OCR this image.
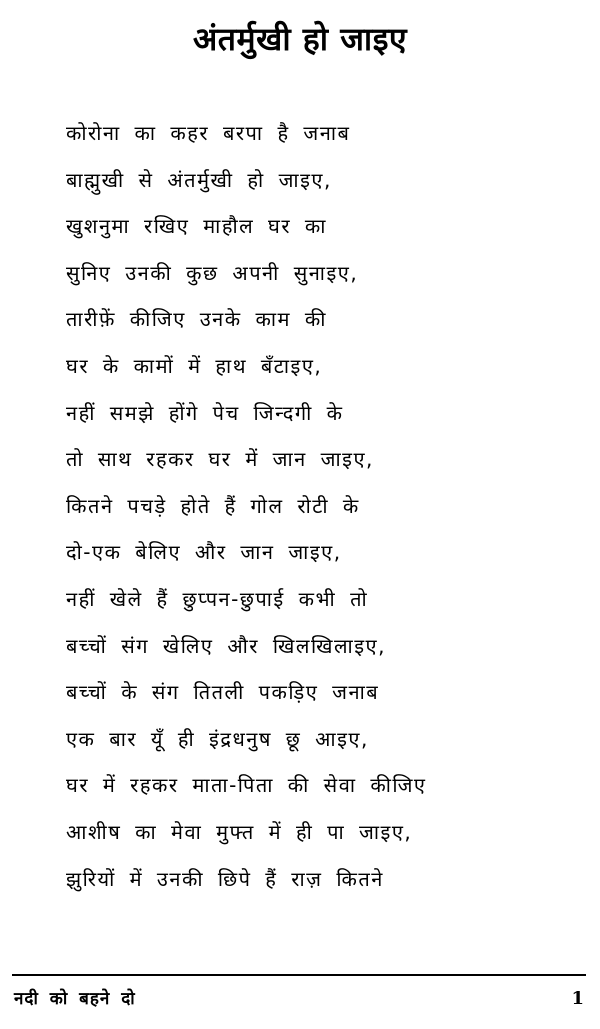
अंतर्मुखी हो जाइए
कोरोना का कहर बरपा है जनाब
बाह्मुखी से अंतर्मुखी हो जाइए,
खुशनुमा रखिए माहौल घर का
सुनिए उनकी कुछ अपनी सुनाइए,
तारीफ़ें कीजिए उनके काम की
घर के कामों में हाथ बँटाइए,
नहीं समझे होंगे पेच जिन्दगी के
तो साथ रहकर घर में जान जाइए,
कितने पचड़े होते हैं गोल रोटी के
दो-एक बेलिए और जान जाइए,
नहीं खेले हैं छुप्पन-छुपाई कभी तो
बच्चों संग खेलिए और खिलखिलाइए,
बच्चों के संग तितली पकड़िए जनाब
एक बार यूँ ही इंद्रधनुष छू आइए,
घर में रहकर माता-पिता की सेवा कीजिए
आशीष का मेवा मुफ्त में ही पा जाइए,
झुरियों में उनकी छिपे हैं राज़ कितने
नदी को बहने दो	1
